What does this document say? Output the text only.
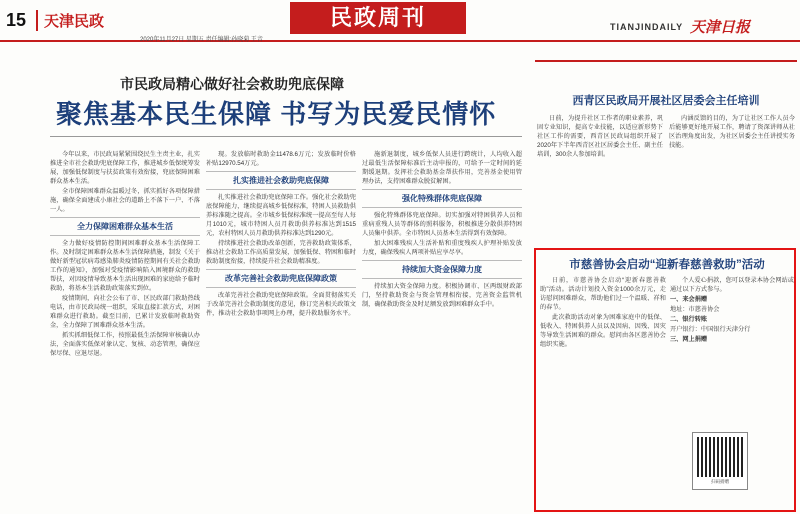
15	天津民政
2020年11月27日 星期五 责任编辑:孙晓菊 王音
民政周刊	TIANJINDAILY 天津日报
市民政局精心做好社会救助兜底保障
聚焦基本民生保障 书写为民爱民情怀

今年以来，市民政局紧紧围绕民生主责主业，扎实推进全市社会救助兜底保障工作，推进城乡低保统筹发展，加强低保制度与扶贫政策有效衔接，兜底保障困难群众基本生活。

全市保障困难群众温暖过冬，抓实抓好各项保障措施，确保全面建成小康社会的道路上不落下一户、不落一人。

全力保障困难群众基本生活

全力做好疫情防控期间困难群众基本生活保障工作。及时制定困难群众基本生活保障措施，制发《关于做好新型冠状病毒感染肺炎疫情防控期间有关社会救助工作的通知》，加强对受疫情影响陷入困境群众的救助帮扶，对因疫情导致基本生活出现困难的家庭给予临时救助，将基本生活救助政策落实到位。

疫情期间，向社会公布了市、区民政部门救助热线电话，由市民政局统一组织，采取直接汇款方式，对困难群众进行救助。截至目前，已累计发放临时救助资金，全力保障了困难群众基本生活。

抓实抓细低保工作，按照最低生活保障审核确认办法，全面落实低保对象认定、复核、动态管理，确保应保尽保、应退尽退。

现。发放临时救助金11478.6万元；发放临时价格补贴12970.54万元。

扎实推进社会救助兜底保障

扎实推进社会救助兜底保障工作。强化社会救助兜底保障能力，继续提高城乡低保标准，特困人员救助供养标准随之提高。全市城乡低保标准统一提高至每人每月1010元，城市特困人员月救助供养标准达到1515元，农村特困人员月救助供养标准达到1290元。

持续推进社会救助改革创新，完善救助政策体系，推动社会救助工作高质量发展，加强低保、特困和临时救助制度衔接，持续提升社会救助精准度。

改革完善社会救助兜底保障政策

改革完善社会救助兜底保障政策。全面贯彻落实关于改革完善社会救助制度的意见，修订完善相关政策文件，推动社会救助事项网上办理，提升救助服务水平。

施新退制度，城乡低保人员进行跨统计，人均收入超过最低生活保障标准后主动申报的，可给予一定时间的延期缓退期。发挥社会救助基金帮扶作用，完善基金使用管理办法，支持困难群众脱贫解困。

强化特殊群体兜底保障

强化特殊群体兜底保障。切实加强对特困供养人员和重病重残人员等群体的照料服务，积极推进分散供养特困人员集中供养。全市特困人员基本生活得到有效保障。

加大困难残疾人生活补贴和重度残疾人护理补贴发放力度，确保残疾人两项补贴应享尽享。

持续加大资金保障力度

持续加大资金保障力度。积极协调市、区两级财政部门，坚持救助资金与资金管理相衔接，完善资金监管机制，确保救助资金及时足额发放到困难群众手中。

西青区民政局开展社区居委会主任培训

日前，为提升社区工作者的职业素养，巩固专业知识，提高专业技能，以适应新形势下社区工作的需要，西青区民政局组织开展了2020年下半年西青区社区居委会主任、副主任培训，300余人参加培训。

内涵反馈的目的，为了让社区工作人员今后能够更好地开展工作，聘请了资深讲师从社区治理角度出发，为社区居委会主任讲授实务技能。

市慈善协会启动“迎新春慈善救助”活动

日前，市慈善协会启动“迎新春慈善救助”活动。活动计划投入资金1000余万元，走访慰问困难群众，帮助他们过一个温暖、祥和的春节。

此次救助活动对象为困难家庭中的低保、低收入、特困供养人员以及因病、因残、因灾等导致生活困难的群众。慰问由各区慈善协会组织实施。

个人爱心捐款，您可以登录本协会网站或通过以下方式参与。

一、来会捐赠

地址：市慈善协会

二、银行转账

开户银行：中国银行天津分行

三、网上捐赠

扫码捐赠
